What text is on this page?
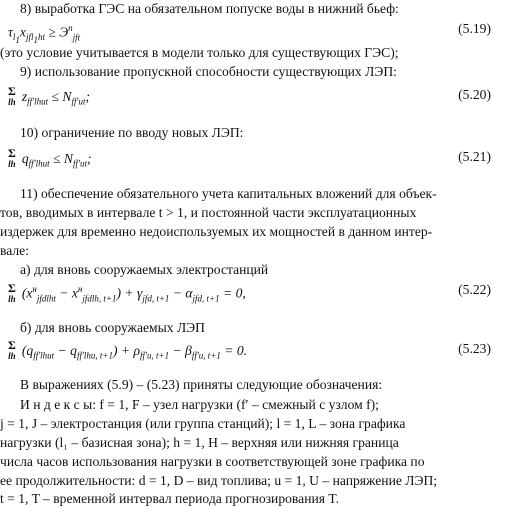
8) выработка ГЭС на обязательном попуске воды в нижний бьеф:
$\tau_{l_1}x_{jfl_1ht} \ge Э^п_{jft}$
(5.19)
(это условие учитывается в модели только для существующих ГЭС);
9) использование пропускной способности существующих ЛЭП:
Σ
lh $z_{ff'lhut} \le N_{ff'ut}$;	(5.20)
10) ограничение по вводу новых ЛЭП:
Σ
lh $q_{ff'lhut} \le N_{ff'ut}$;	(5.21)
11) обеспечение обязательного учета капитальных вложений для объек-
тов, вводимых в интервале t > 1, и постоянной части эксплуатационных
издержек для временно недоиспользуемых их мощностей в данном интер-
вале:
а) для вновь сооружаемых электростанций
Σ
lh $(x^н_{jfdlht} - x^н_{jfdlh, t+1}) + \gamma_{jfd, t+1} - \alpha_{jfd, t+1} = 0$,	(5.22)
б) для вновь сооружаемых ЛЭП
Σ
lh $(q_{ff'lhut} - q_{ff'lhu, t+1}) + \rho_{ff'u, t+1} - \beta_{ff'u, t+1} = 0$.	(5.23)
В выражениях (5.9) – (5.23) приняты следующие обозначения:
И н д е к с ы: f = 1, F – узел нагрузки (f′ – смежный с узлом f);
j = 1, J – электростанция (или группа станций); l = 1, L – зона графика
нагрузки (l₁ – базисная зона); h = 1, H – верхняя или нижняя граница
числа часов использования нагрузки в соответствующей зоне графика по
ее продолжительности: d = 1, D – вид топлива; u = 1, U – напряжение ЛЭП;
t = 1, T – временной интервал периода прогнозирования T.
